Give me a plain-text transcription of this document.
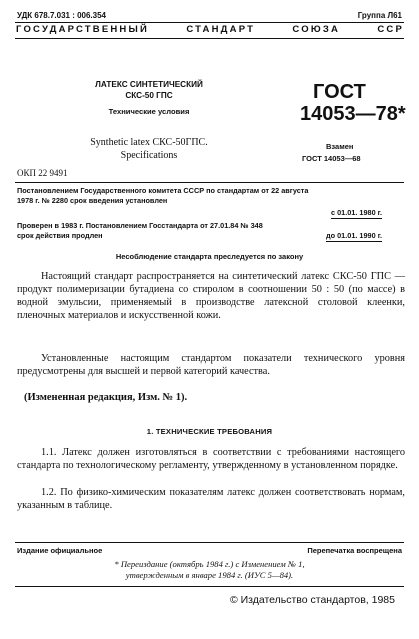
УДК 678.7.031 : 006.354	Группа Л61
ГОСУДАРСТВЕННЫЙ СТАНДАРТ СОЮЗА ССР
ЛАТЕКС СИНТЕТИЧЕСКИЙ
СКС-50 ГПС
Технические условия
Synthetic latex СКС-50ГПС.
Specifications
ГОСТ
14053—78*
Взамен
ГОСТ 14053—68
ОКП 22 9491
Постановлением Государственного комитета СССР по стандартам от 22 августа
1978 г. № 2280 срок введения установлен
с 01.01. 1980 г.
Проверен в 1983 г. Постановлением Госстандарта от 27.01.84 № 348
срок действия продлен	до 01.01. 1990 г.
Несоблюдение стандарта преследуется по закону

Настоящий стандарт распространяется на синтетический латекс СКС-50 ГПС — продукт полимеризации бутадиена со стиролом в соотношении 50 : 50 (по массе) в водной эмульсии, применяемый в производстве латексной столовой клеенки, пленочных материалов и искусственной кожи.

Установленные настоящим стандартом показатели технического уровня предусмотрены для высшей и первой категорий качества.

(Измененная редакция, Изм. № 1).
1. ТЕХНИЧЕСКИЕ ТРЕБОВАНИЯ

1.1. Латекс должен изготовляться в соответствии с требованиями настоящего стандарта по технологическому регламенту, утвержденному в установленном порядке.

1.2. По физико-химическим показателям латекс должен соответствовать нормам, указанным в таблице.

Издание официальное	Перепечатка воспрещена
* Переиздание (октябрь 1984 г.) с Изменением № 1,
утвержденным в январе 1984 г. (ИУС 5—84).
© Издательство стандартов, 1985
